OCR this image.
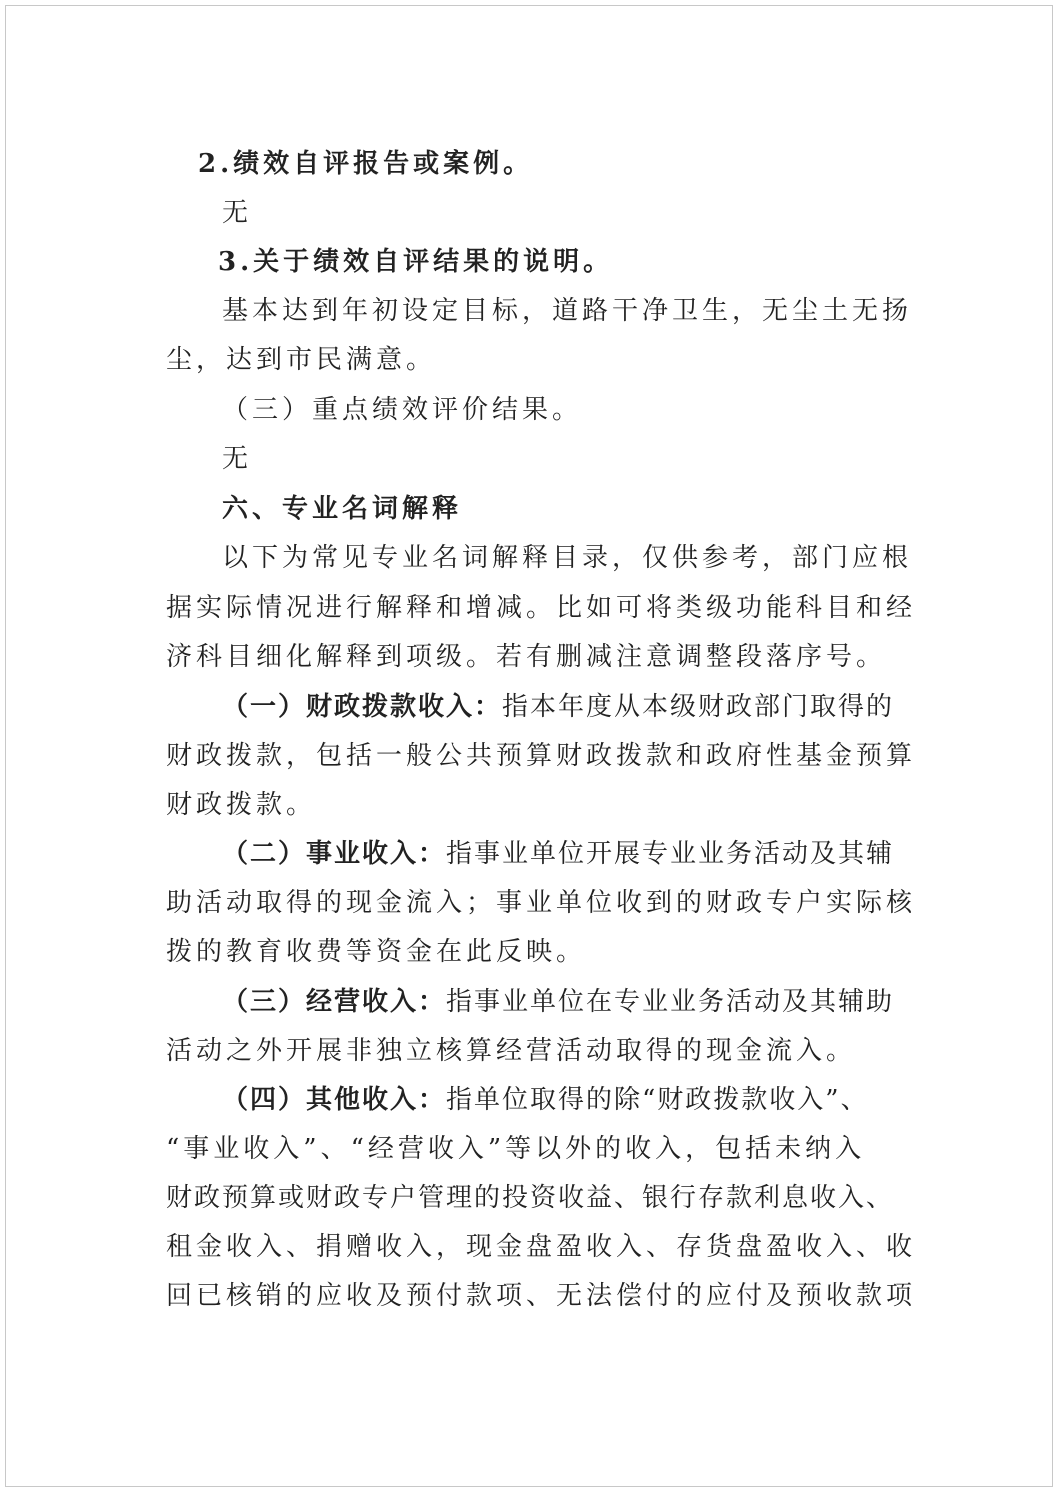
2.绩效自评报告或案例。
无
3.关于绩效自评结果的说明。
基本达到年初设定目标，道路干净卫生，无尘土无扬
尘，达到市民满意。
（三）重点绩效评价结果。
无
六、专业名词解释
以下为常见专业名词解释目录，仅供参考，部门应根
据实际情况进行解释和增减。比如可将类级功能科目和经
济科目细化解释到项级。若有删减注意调整段落序号。
（一）财政拨款收入：指本年度从本级财政部门取得的
财政拨款，包括一般公共预算财政拨款和政府性基金预算
财政拨款。
（二）事业收入：指事业单位开展专业业务活动及其辅
助活动取得的现金流入；事业单位收到的财政专户实际核
拨的教育收费等资金在此反映。
（三）经营收入：指事业单位在专业业务活动及其辅助
活动之外开展非独立核算经营活动取得的现金流入。
（四）其他收入：指单位取得的除“财政拨款收入”、
“事业收入”、“经营收入”等以外的收入，包括未纳入
财政预算或财政专户管理的投资收益、银行存款利息收入、
租金收入、捐赠收入，现金盘盈收入、存货盘盈收入、收
回已核销的应收及预付款项、无法偿付的应付及预收款项
